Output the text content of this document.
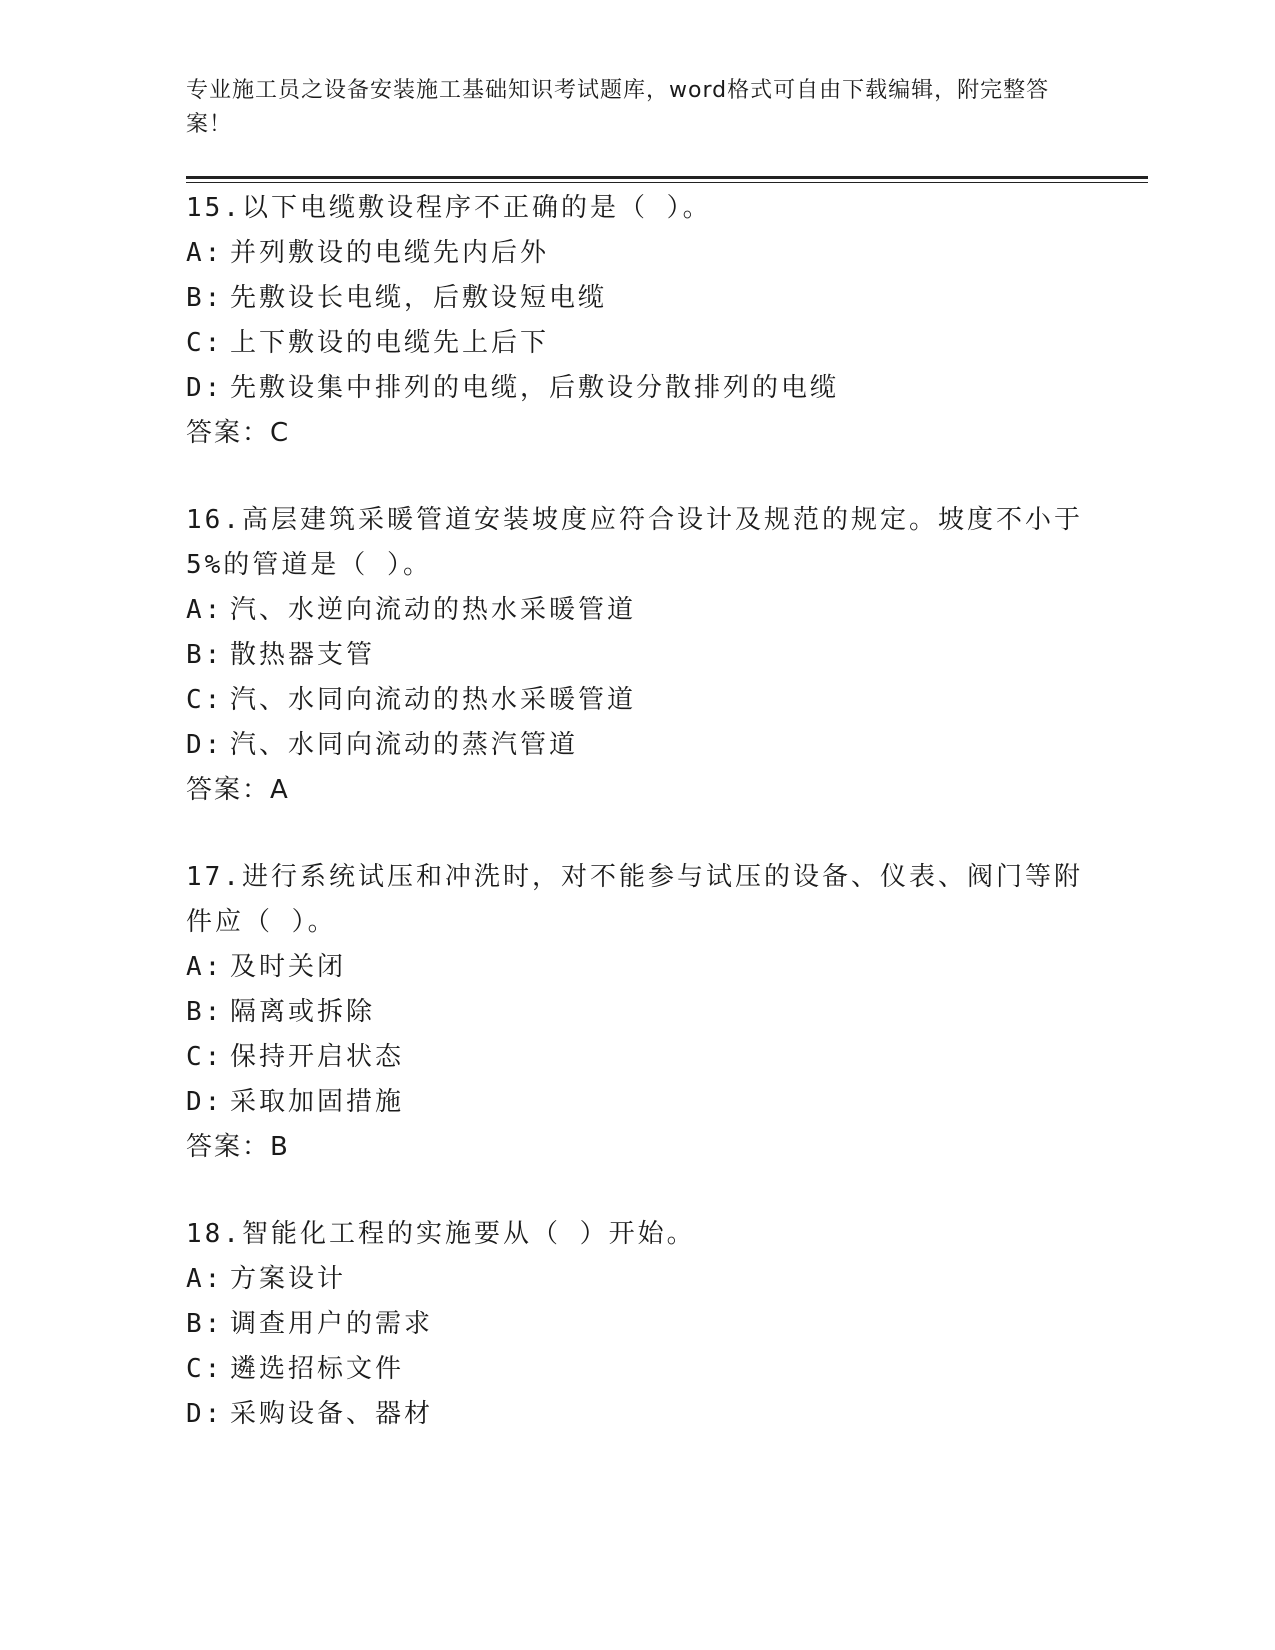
专业施工员之设备安装施工基础知识考试题库，word格式可自由下载编辑，附完整答案！

15.以下电缆敷设程序不正确的是（ ）。

A: 并列敷设的电缆先内后外

B: 先敷设长电缆，后敷设短电缆

C: 上下敷设的电缆先上后下

D: 先敷设集中排列的电缆，后敷设分散排列的电缆

答案：C

16.高层建筑采暖管道安装坡度应符合设计及规范的规定。坡度不小于5%的管道是（ ）。

A: 汽、水逆向流动的热水采暖管道

B: 散热器支管

C: 汽、水同向流动的热水采暖管道

D: 汽、水同向流动的蒸汽管道

答案：A

17.进行系统试压和冲洗时，对不能参与试压的设备、仪表、阀门等附件应（ ）。

A: 及时关闭

B: 隔离或拆除

C: 保持开启状态

D: 采取加固措施

答案：B

18.智能化工程的实施要从（ ）开始。

A: 方案设计

B: 调查用户的需求

C: 遴选招标文件

D: 采购设备、器材
